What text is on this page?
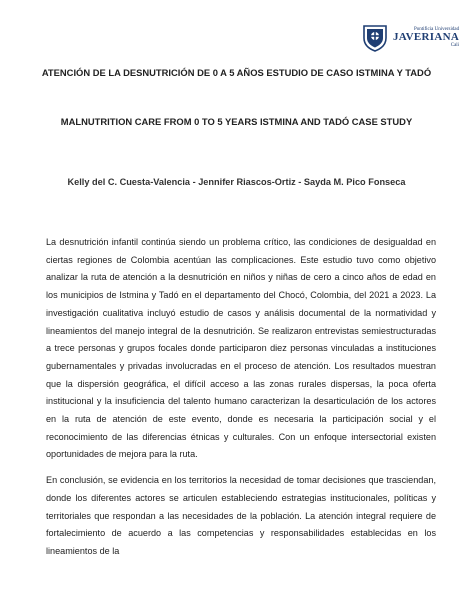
Pontificia Universidad
JAVERIANA
Cali
ATENCIÓN DE LA DESNUTRICIÓN DE 0 A 5 AÑOS ESTUDIO DE CASO ISTMINA Y TADÓ
MALNUTRITION CARE FROM 0 TO 5 YEARS ISTMINA AND TADÓ CASE STUDY
Kelly del C. Cuesta-Valencia - Jennifer Riascos-Ortiz - Sayda M. Pico Fonseca

La desnutrición infantil continúa siendo un problema crítico, las condiciones de desigualdad en ciertas regiones de Colombia acentúan las complicaciones. Este estudio tuvo como objetivo analizar la ruta de atención a la desnutrición en niños y niñas de cero a cinco años de edad en los municipios de Istmina y Tadó en el departamento del Chocó, Colombia, del 2021 a 2023. La investigación cualitativa incluyó estudio de casos y análisis documental de la normatividad y lineamientos del manejo integral de la desnutrición. Se realizaron entrevistas semiestructuradas a trece personas y grupos focales donde participaron diez personas vinculadas a instituciones gubernamentales y privadas involucradas en el proceso de atención. Los resultados muestran que la dispersión geográfica, el difícil acceso a las zonas rurales dispersas, la poca oferta institucional y la insuficiencia del talento humano caracterizan la desarticulación de los actores en la ruta de atención de este evento, donde es necesaria la participación social y el reconocimiento de las diferencias étnicas y culturales. Con un enfoque intersectorial existen oportunidades de mejora para la ruta.

En conclusión, se evidencia en los territorios la necesidad de tomar decisiones que trasciendan, donde los diferentes actores se articulen estableciendo estrategias institucionales, políticas y territoriales que respondan a las necesidades de la población. La atención integral requiere de fortalecimiento de acuerdo a las competencias y responsabilidades establecidas en los lineamientos de la
